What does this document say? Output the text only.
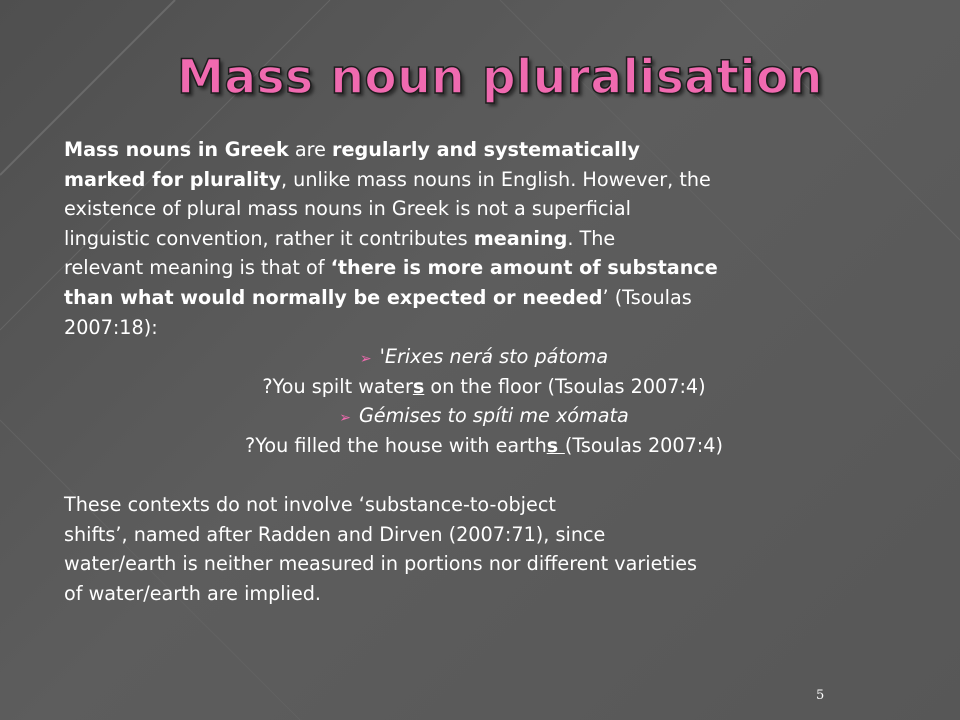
Mass noun pluralisation
Mass nouns in Greek are regularly and systematically
marked for plurality, unlike mass nouns in English. However, the
existence of plural mass nouns in Greek is not a superficial
linguistic convention, rather it contributes meaning. The
relevant meaning is that of ‘there is more amount of substance
than what would normally be expected or needed’ (Tsoulas
2007:18):
➢ 'Erixes nerá sto pátoma
?You spilt waters on the floor (Tsoulas 2007:4)
➢ Gémises to spíti me xómata
?You filled the house with earths (Tsoulas 2007:4)
These contexts do not involve ‘substance-to-object
shifts’, named after Radden and Dirven (2007:71), since
water/earth is neither measured in portions nor different varieties
of water/earth are implied.
5
